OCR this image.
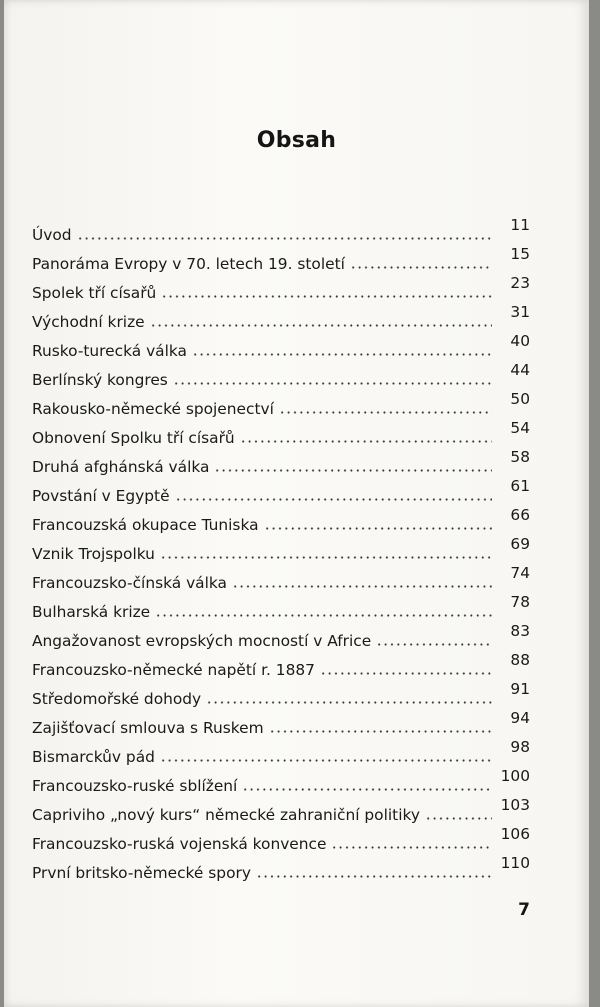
Obsah
Úvod
11
Panoráma Evropy v 70. letech 19. století
15
Spolek tří císařů
23
Východní krize
31
Rusko-turecká válka
40
Berlínský kongres
44
Rakousko-německé spojenectví
50
Obnovení Spolku tří císařů
54
Druhá afghánská válka
58
Povstání v Egyptě
61
Francouzská okupace Tuniska
66
Vznik Trojspolku
69
Francouzsko-čínská válka
74
Bulharská krize
78
Angažovanost evropských mocností v Africe
83
Francouzsko-německé napětí r. 1887
88
Středomořské dohody
91
Zajišťovací smlouva s Ruskem
94
Bismarckův pád
98
Francouzsko-ruské sblížení
100
Capriviho „nový kurs“ německé zahraniční politiky
103
Francouzsko-ruská vojenská konvence
106
První britsko-německé spory
110
7
